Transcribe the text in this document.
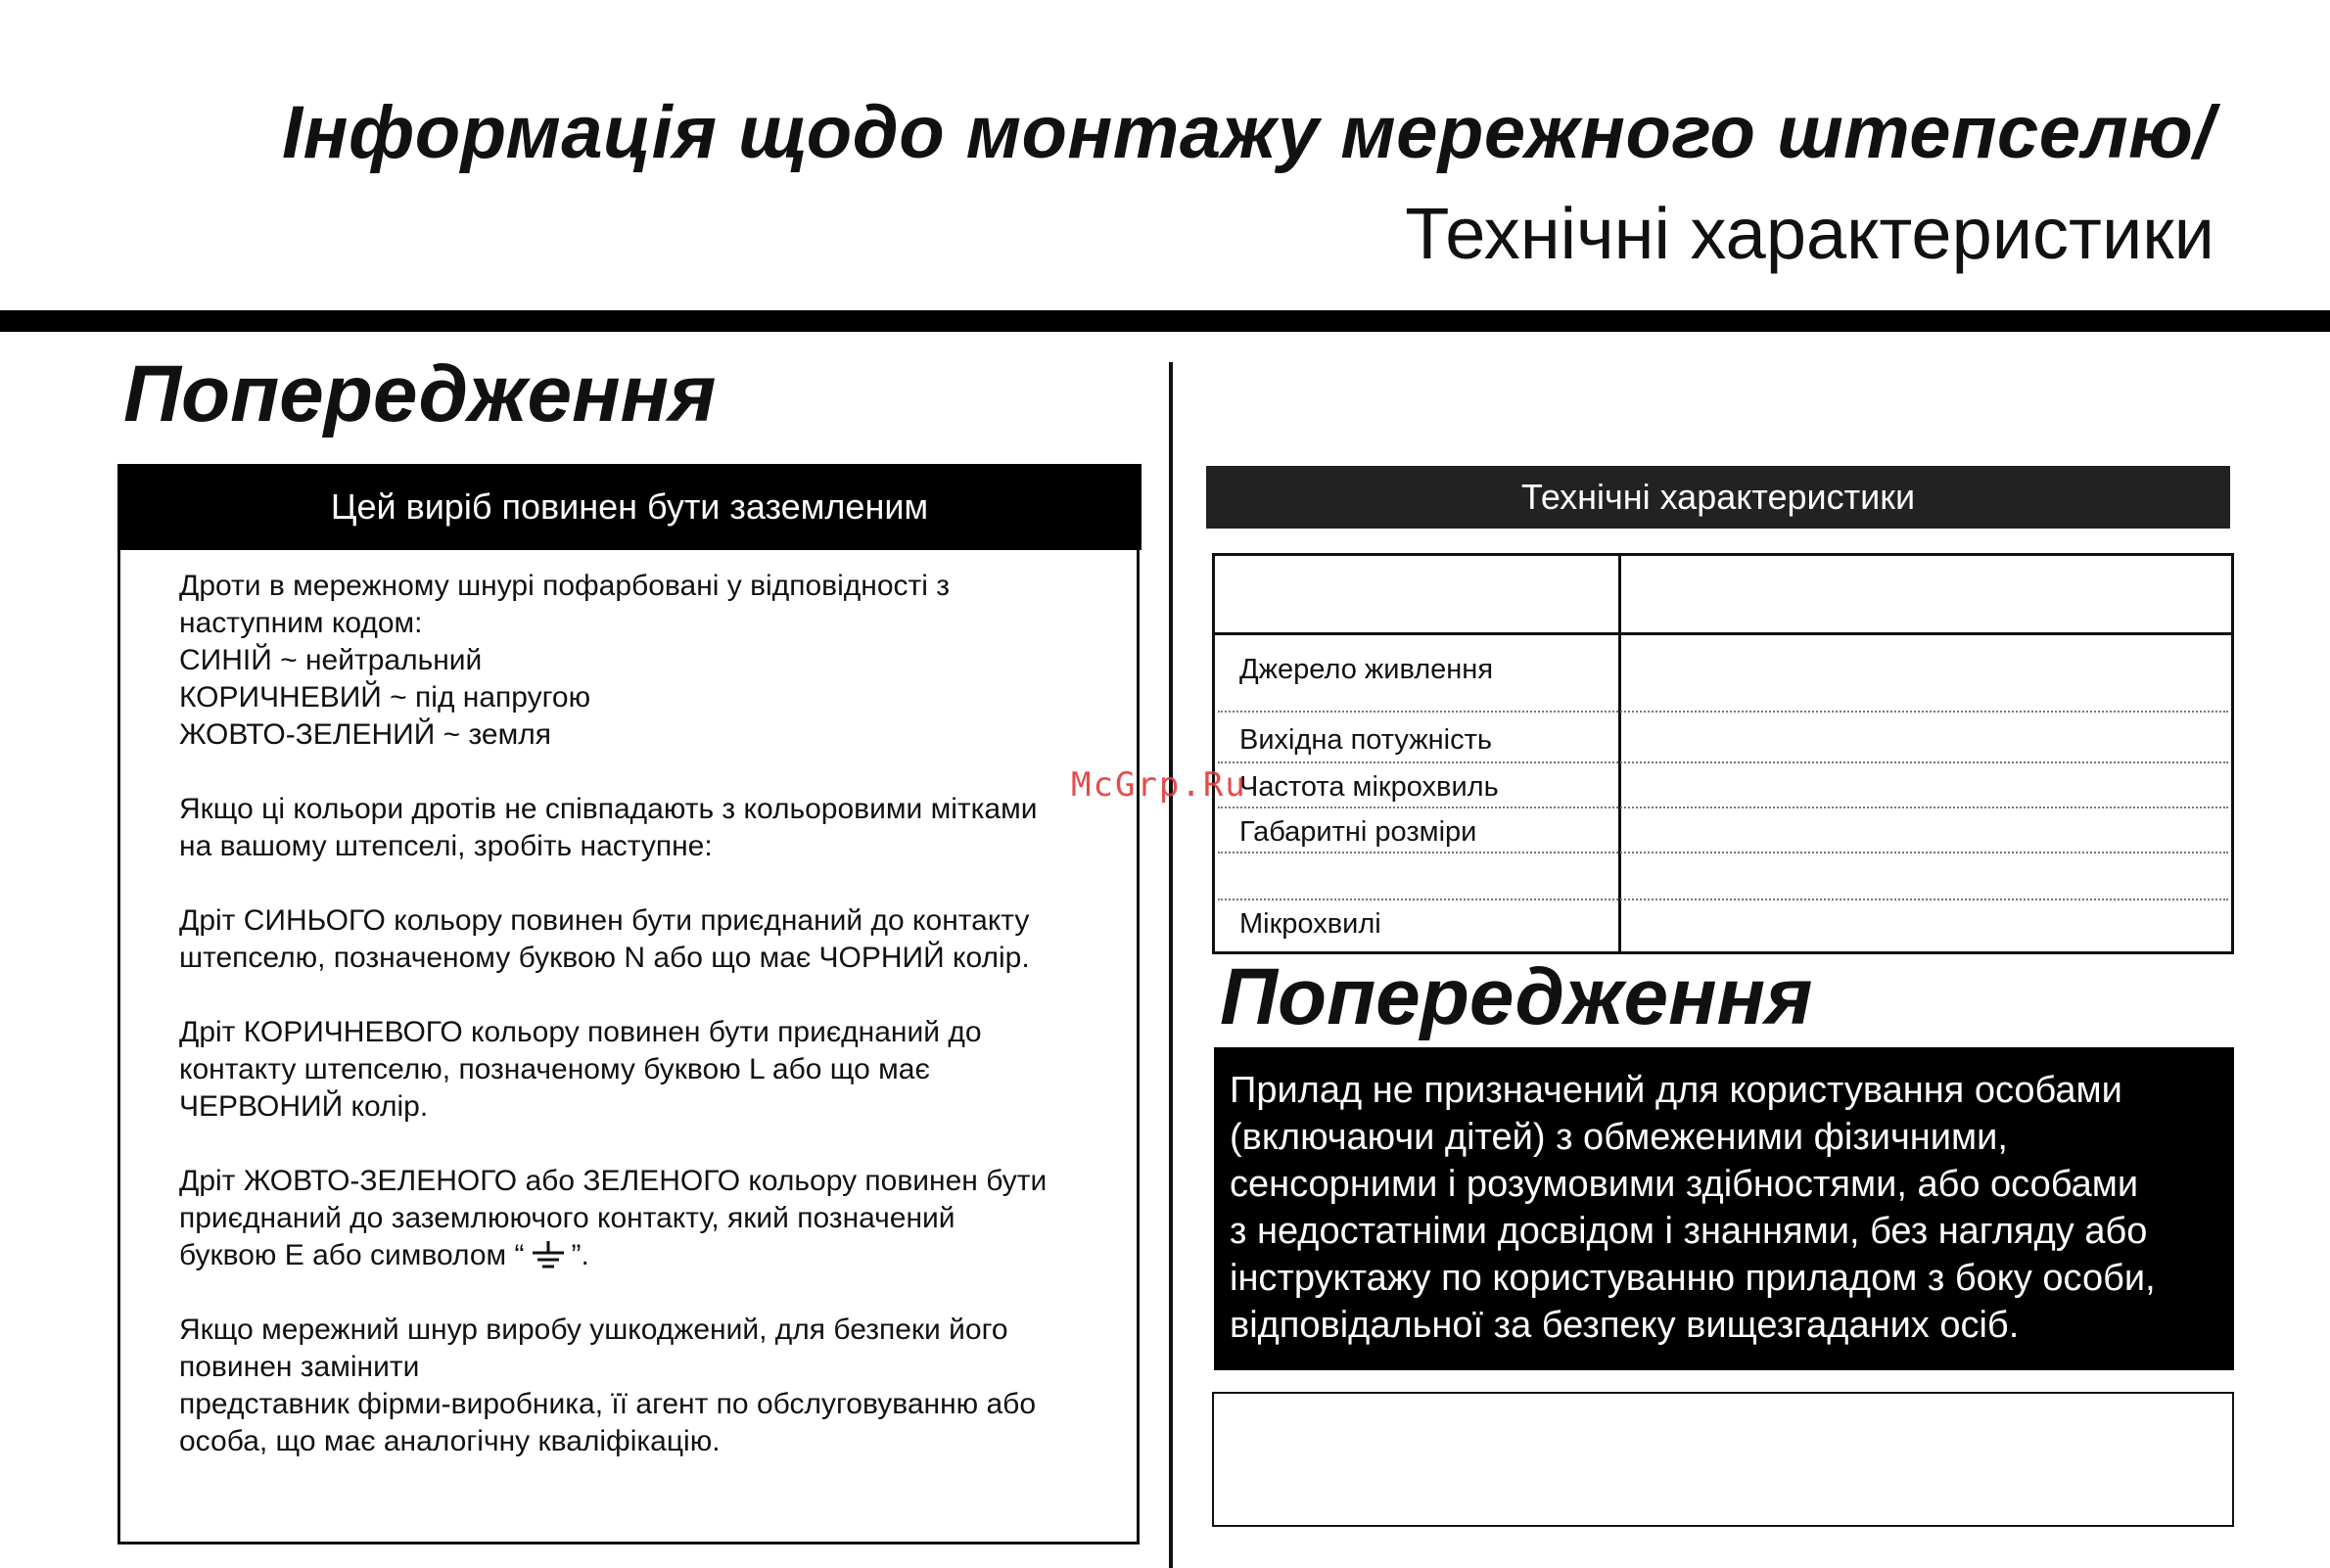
Інформація щодо монтажу мережного штепселю/
Технічні характеристики
Попередження
Цей виріб повинен бути заземленим

Дроти в мережному шнурі пофарбовані у відповідності з
наступним кодом:
СИНІЙ ~ нейтральний
КОРИЧНЕВИЙ ~ під напругою
ЖОВТО-ЗЕЛЕНИЙ ~ земля

Якщо ці кольори дротів не співпадають з кольоровими мітками
на вашому штепселі, зробіть наступне:

Дріт СИНЬОГО кольору повинен бути приєднаний до контакту
штепселю, позначеному буквою N або що має ЧОРНИЙ колір.

Дріт КОРИЧНЕВОГО кольору повинен бути приєднаний до
контакту штепселю, позначеному буквою L або що має
ЧЕРВОНИЙ колір.

Дріт ЖОВТО-ЗЕЛЕНОГО або ЗЕЛЕНОГО кольору повинен бути
приєднаний до заземлюючого контакту, який позначений
буквою E або символом “ ”.

Якщо мережний шнур виробу ушкоджений, для безпеки його
повинен замінити
представник фірми-виробника, її агент по обслуговуванню або
особа, що має аналогічну кваліфікацію.

Технічні характеристики
Джерело живлення
Вихідна потужність
Частота мікрохвиль
Габаритні розміри
Мікрохвилі
McGrp.Ru
Попередження
Прилад не призначений для користування особами
(включаючи дітей) з обмеженими фізичними,
сенсорними і розумовими здібностями, або особами
з недостатніми досвідом і знаннями, без нагляду або
інструктажу по користуванню приладом з боку особи,
відповідальної за безпеку вищезгаданих осіб.
